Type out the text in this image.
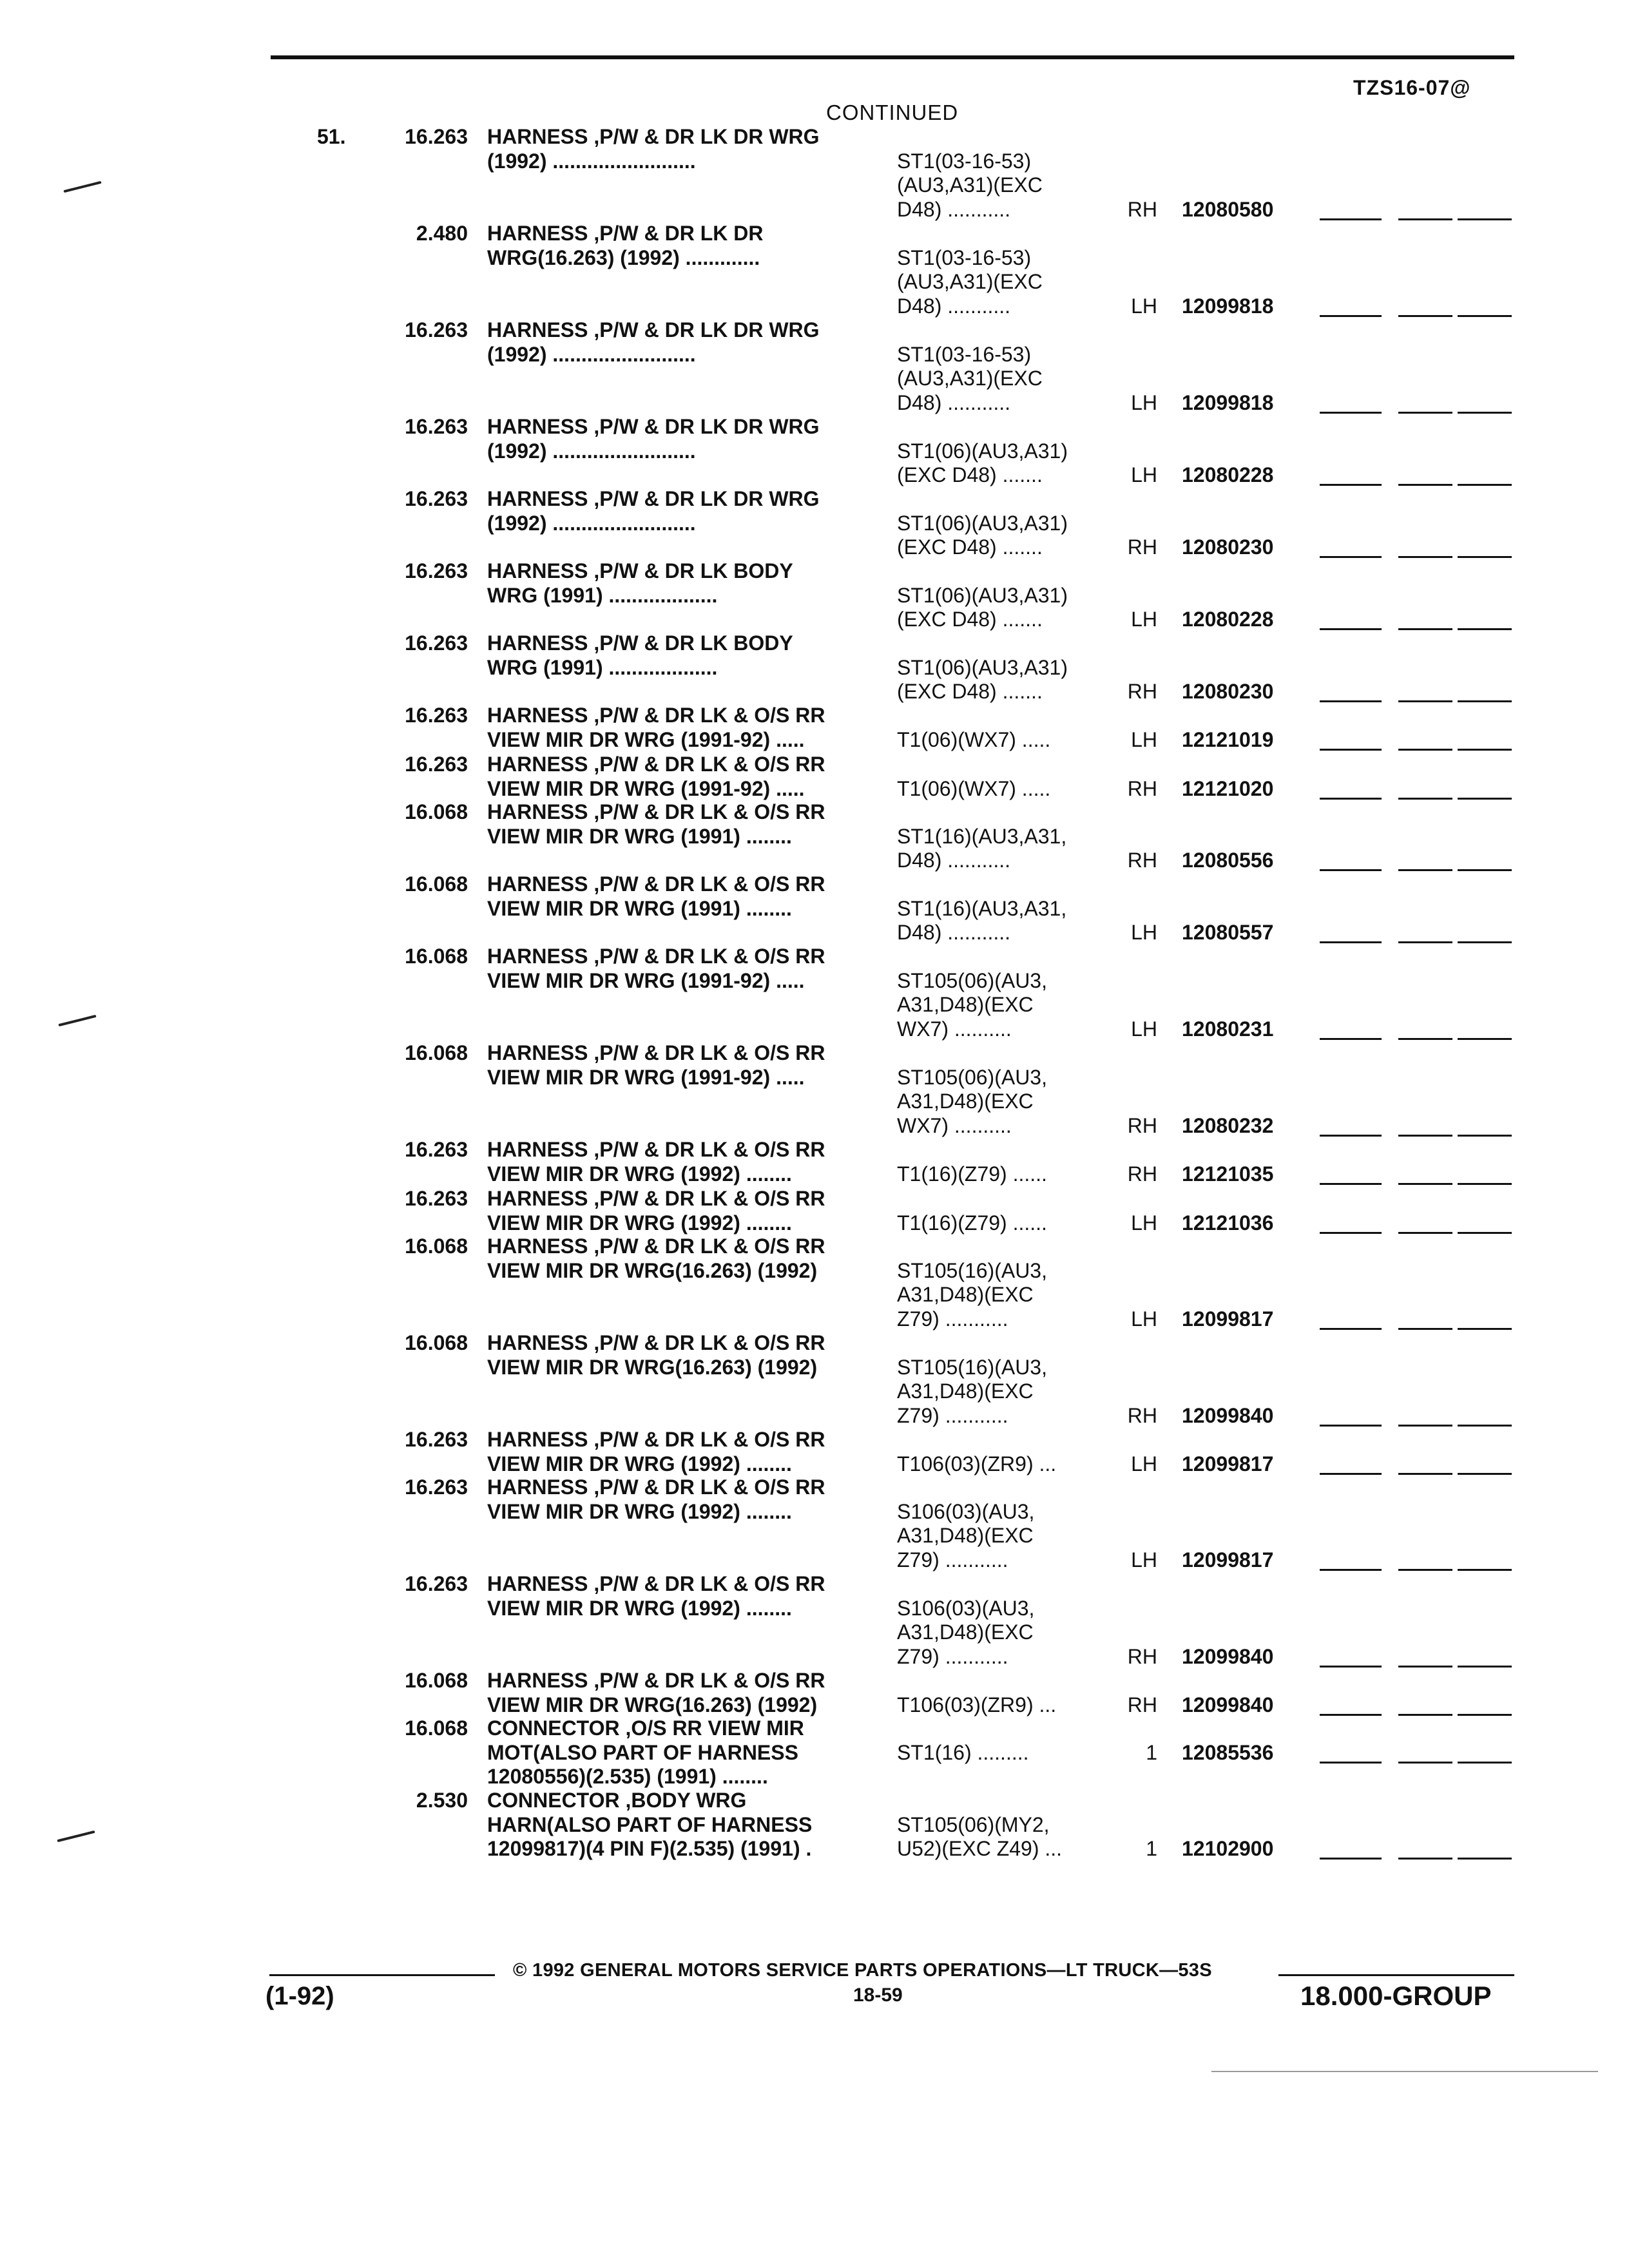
TZS16-07@
CONTINUED
51.	16.263 HARNESS ,P/W & DR LK DR WRG
(1992) .........................	ST1(03-16-53)
(AU3,A31)(EXC
D48) ...........	RH 12080580
2.480 HARNESS ,P/W & DR LK DR
WRG(16.263) (1992) .............	ST1(03-16-53)
(AU3,A31)(EXC
D48) ...........	LH 12099818
16.263 HARNESS ,P/W & DR LK DR WRG
(1992) .........................	ST1(03-16-53)
(AU3,A31)(EXC
D48) ...........	LH 12099818
16.263 HARNESS ,P/W & DR LK DR WRG
(1992) .........................	ST1(06)(AU3,A31)
(EXC D48) .......	LH 12080228
16.263 HARNESS ,P/W & DR LK DR WRG
(1992) .........................	ST1(06)(AU3,A31)
(EXC D48) .......	RH 12080230
16.263 HARNESS ,P/W & DR LK BODY
WRG (1991) ...................	ST1(06)(AU3,A31)
(EXC D48) .......	LH 12080228
16.263 HARNESS ,P/W & DR LK BODY
WRG (1991) ...................	ST1(06)(AU3,A31)
(EXC D48) .......	RH 12080230
16.263 HARNESS ,P/W & DR LK & O/S RR
VIEW MIR DR WRG (1991-92) .....	T1(06)(WX7) .....	LH 12121019
16.263 HARNESS ,P/W & DR LK & O/S RR
VIEW MIR DR WRG (1991-92) .....	T1(06)(WX7) .....	RH 12121020
16.068 HARNESS ,P/W & DR LK & O/S RR
VIEW MIR DR WRG (1991) ........	ST1(16)(AU3,A31,
D48) ...........	RH 12080556
16.068 HARNESS ,P/W & DR LK & O/S RR
VIEW MIR DR WRG (1991) ........	ST1(16)(AU3,A31,
D48) ...........	LH 12080557
16.068 HARNESS ,P/W & DR LK & O/S RR
VIEW MIR DR WRG (1991-92) .....	ST105(06)(AU3,
A31,D48)(EXC
WX7) ..........	LH 12080231
16.068 HARNESS ,P/W & DR LK & O/S RR
VIEW MIR DR WRG (1991-92) .....	ST105(06)(AU3,
A31,D48)(EXC
WX7) ..........	RH 12080232
16.263 HARNESS ,P/W & DR LK & O/S RR
VIEW MIR DR WRG (1992) ........	T1(16)(Z79) ......	RH 12121035
16.263 HARNESS ,P/W & DR LK & O/S RR
VIEW MIR DR WRG (1992) ........	T1(16)(Z79) ......	LH 12121036
16.068 HARNESS ,P/W & DR LK & O/S RR
VIEW MIR DR WRG(16.263) (1992)	ST105(16)(AU3,
A31,D48)(EXC
Z79) ...........	LH 12099817
16.068 HARNESS ,P/W & DR LK & O/S RR
VIEW MIR DR WRG(16.263) (1992)	ST105(16)(AU3,
A31,D48)(EXC
Z79) ...........	RH 12099840
16.263 HARNESS ,P/W & DR LK & O/S RR
VIEW MIR DR WRG (1992) ........	T106(03)(ZR9) ...	LH 12099817
16.263 HARNESS ,P/W & DR LK & O/S RR
VIEW MIR DR WRG (1992) ........	S106(03)(AU3,
A31,D48)(EXC
Z79) ...........	LH 12099817
16.263 HARNESS ,P/W & DR LK & O/S RR
VIEW MIR DR WRG (1992) ........	S106(03)(AU3,
A31,D48)(EXC
Z79) ...........	RH 12099840
16.068 HARNESS ,P/W & DR LK & O/S RR
VIEW MIR DR WRG(16.263) (1992)	T106(03)(ZR9) ...	RH 12099840
16.068 CONNECTOR ,O/S RR VIEW MIR
MOT(ALSO PART OF HARNESS
12080556)(2.535) (1991) ........
ST1(16) .........	1 12085536
2.530 CONNECTOR ,BODY WRG
HARN(ALSO PART OF HARNESS
12099817)(4 PIN F)(2.535) (1991) .
ST105(06)(MY2,
U52)(EXC Z49) ...	1 12102900
© 1992 GENERAL MOTORS SERVICE PARTS OPERATIONS—LT TRUCK—53S
(1-92)	18-59	18.000-GROUP
